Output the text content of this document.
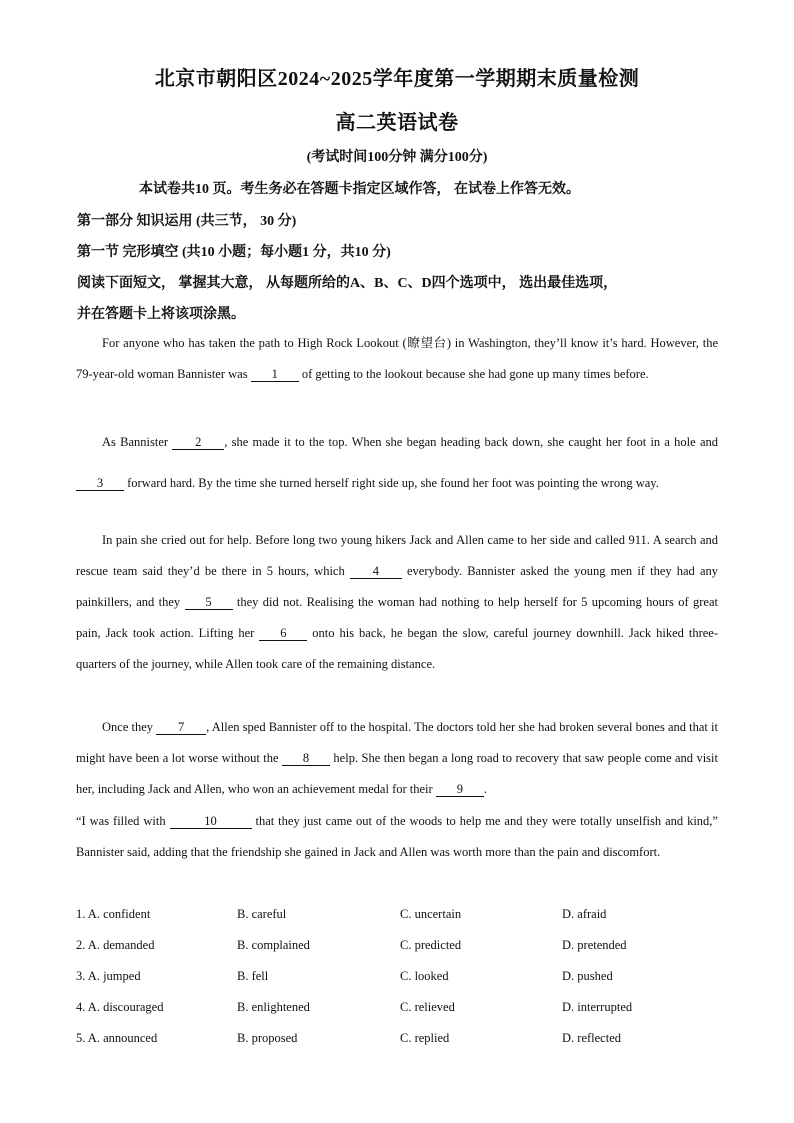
北京市朝阳区2024~2025学年度第一学期期末质量检测
高二英语试卷
(考试时间100分钟 满分100分)
本试卷共10 页。考生务必在答题卡指定区域作答， 在试卷上作答无效。
第一部分 知识运用 (共三节， 30 分)
第一节 完形填空 (共10 小题；每小题1 分，共10 分)
阅读下面短文， 掌握其大意， 从每题所给的A、B、C、D四个选项中， 选出最佳选项，
并在答题卡上将该项涂黑。
For anyone who has taken the path to High Rock Lookout (瞭望台) in Washington, they’ll know it’s hard. However, the 79-year-old woman Bannister was 1 of getting to the lookout because she had gone up many times before.
As Bannister 2 , she made it to the top. When she began heading back down, she caught her foot in a hole and 3 forward hard. By the time she turned herself right side up, she found her foot was pointing the wrong way.
In pain she cried out for help. Before long two young hikers Jack and Allen came to her side and called 911. A search and rescue team said they’d be there in 5 hours, which 4 everybody. Bannister asked the young men if they had any painkillers, and they 5 they did not. Realising the woman had nothing to help herself for 5 upcoming hours of great pain, Jack took action. Lifting her 6 onto his back, he began the slow, careful journey downhill. Jack hiked three-quarters of the journey, while Allen took care of the remaining distance.
Once they 7 , Allen sped Bannister off to the hospital. The doctors told her she had broken several bones and that it might have been a lot worse without the 8 help. She then began a long road to recovery that saw people come and visit her, including Jack and Allen, who won an achievement medal for their 9 .
“I was filled with	10	that they just came out of the woods to help me and they were totally unselfish and kind,” Bannister said, adding that the friendship she gained in Jack and Allen was worth more than the pain and discomfort.
1. A. confident	B. careful	C. uncertain	D. afraid
2. A. demanded	B. complained	C. predicted	D. pretended
3. A. jumped	B. fell	C. looked	D. pushed
4. A. discouraged	B. enlightened	C. relieved	D. interrupted
5. A. announced	B. proposed	C. replied	D. reflected
